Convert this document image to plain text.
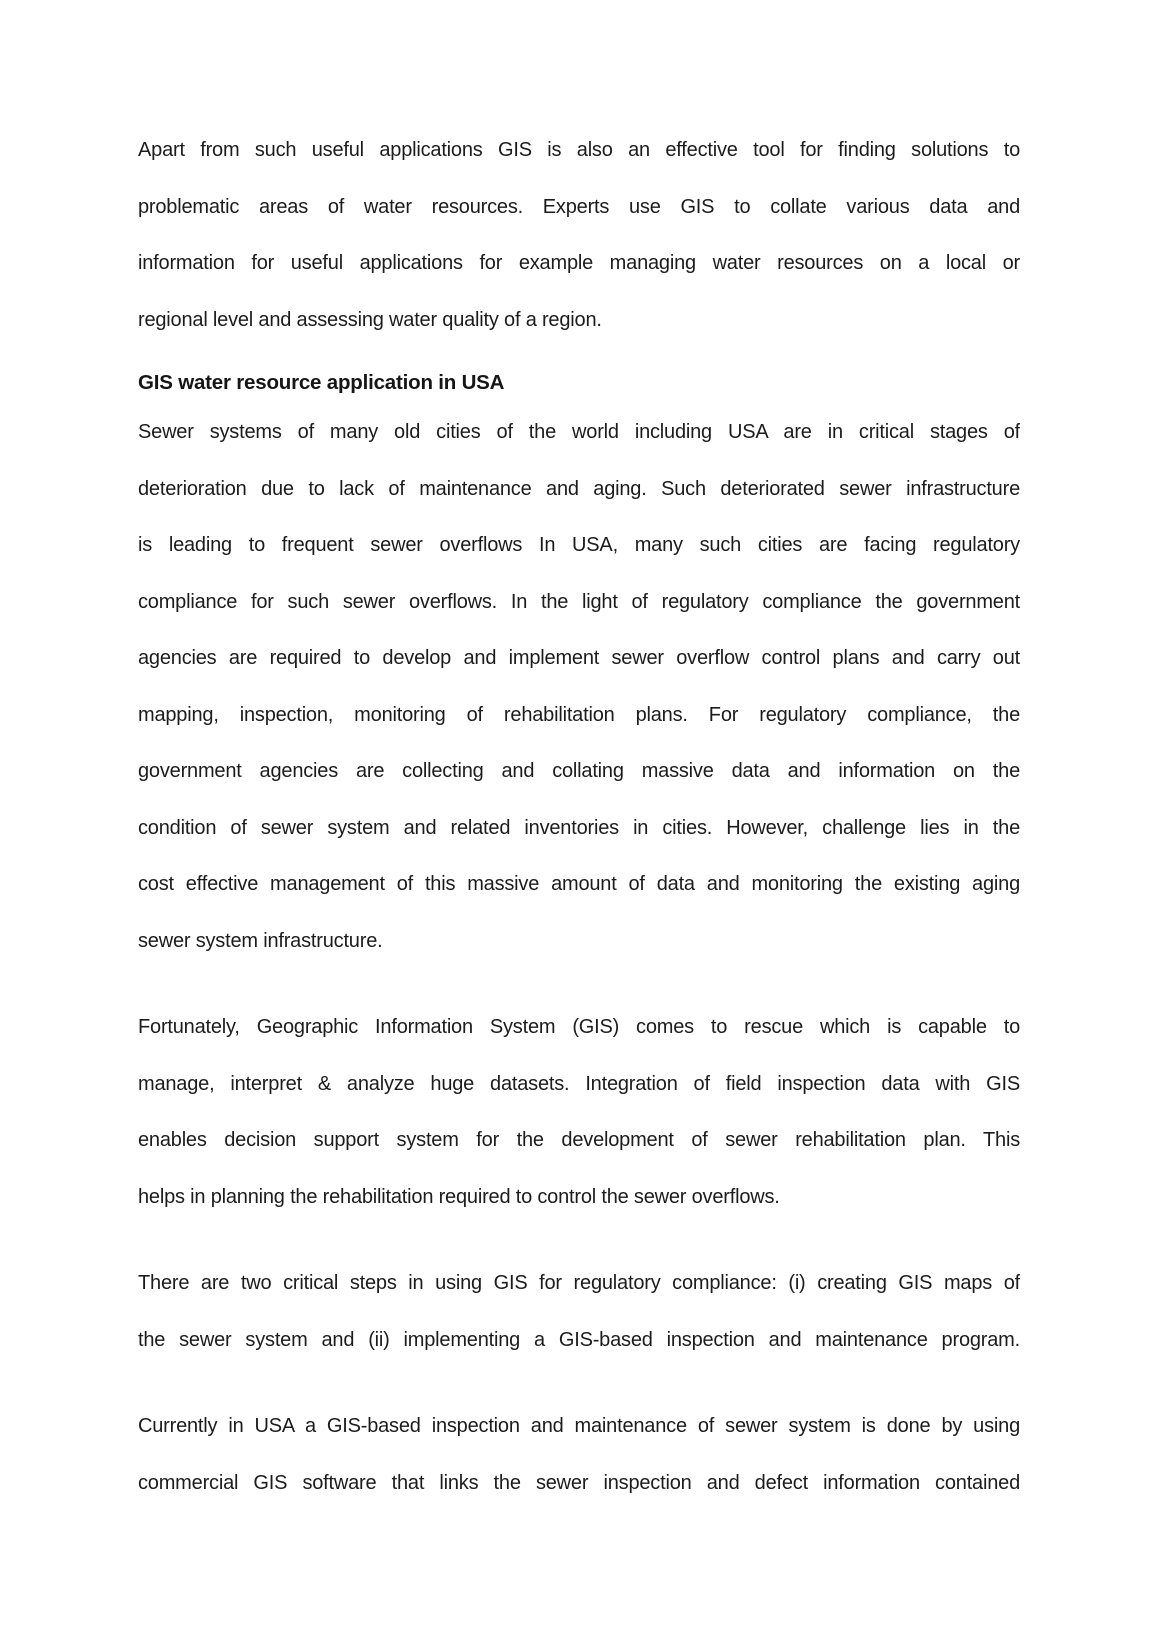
Apart from such useful applications GIS is also an effective tool for finding solutions to
problematic areas of water resources. Experts use GIS to collate various data and
information for useful applications for example managing water resources on a local or
regional level and assessing water quality of a region.
GIS water resource application in USA
Sewer systems of many old cities of the world including USA are in critical stages of
deterioration due to lack of maintenance and aging. Such deteriorated sewer infrastructure
is leading to frequent sewer overflows In USA, many such cities are facing regulatory
compliance for such sewer overflows. In the light of regulatory compliance the government
agencies are required to develop and implement sewer overflow control plans and carry out
mapping, inspection, monitoring of rehabilitation plans. For regulatory compliance, the
government agencies are collecting and collating massive data and information on the
condition of sewer system and related inventories in cities. However, challenge lies in the
cost effective management of this massive amount of data and monitoring the existing aging
sewer system infrastructure.
Fortunately, Geographic Information System (GIS) comes to rescue which is capable to
manage, interpret & analyze huge datasets. Integration of field inspection data with GIS
enables decision support system for the development of sewer rehabilitation plan. This
helps in planning the rehabilitation required to control the sewer overflows.
There are two critical steps in using GIS for regulatory compliance: (i) creating GIS maps of
the sewer system and (ii) implementing a GIS-based inspection and maintenance program.
Currently in USA a GIS-based inspection and maintenance of sewer system is done by using
commercial GIS software that links the sewer inspection and defect information contained
